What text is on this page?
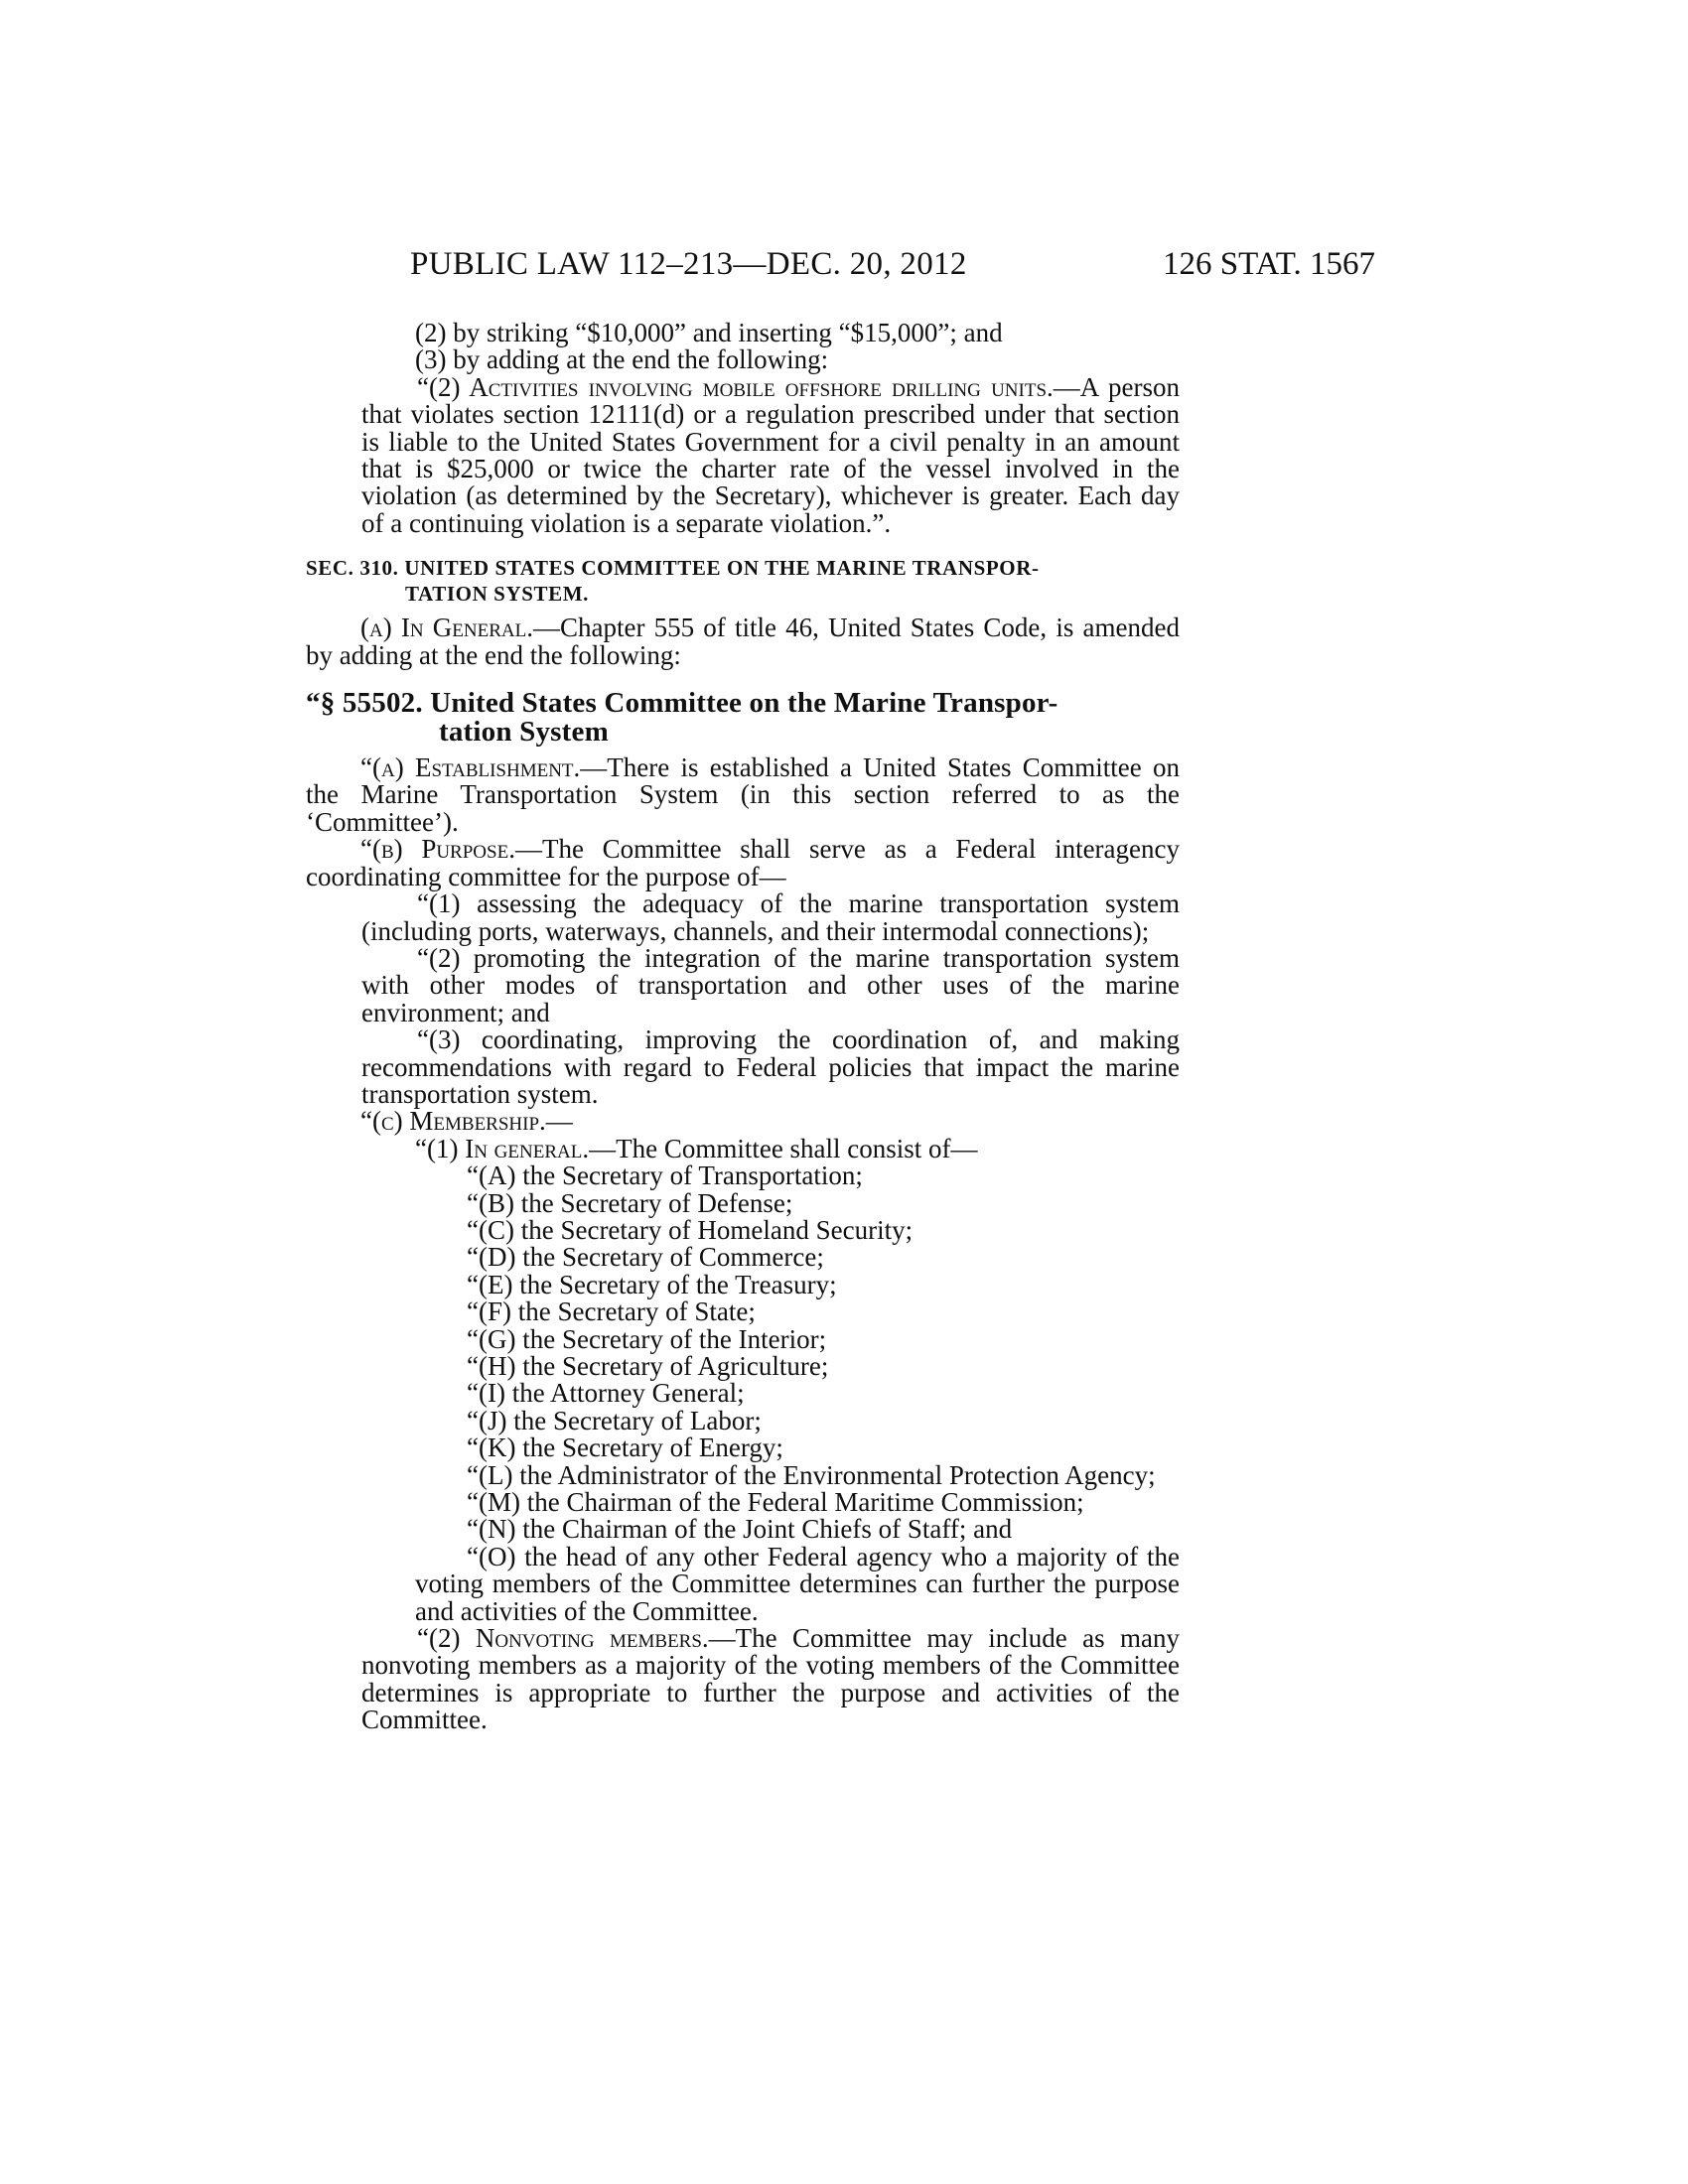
PUBLIC LAW 112–213—DEC. 20, 2012	126 STAT. 1567

(2) by striking “$10,000” and inserting “$15,000”; and

(3) by adding at the end the following:

“(2) Activities involving mobile offshore drilling units.—A person that violates section 12111(d) or a regulation prescribed under that section is liable to the United States Government for a civil penalty in an amount that is $25,000 or twice the charter rate of the vessel involved in the violation (as determined by the Secretary), whichever is greater. Each day of a continuing violation is a separate violation.”.

SEC. 310. UNITED STATES COMMITTEE ON THE MARINE TRANSPOR-
TATION SYSTEM.

(a) In General.—Chapter 555 of title 46, United States Code, is amended by adding at the end the following:

“§ 55502. United States Committee on the Marine Transpor-
tation System

“(a) Establishment.—There is established a United States Committee on the Marine Transportation System (in this section referred to as the ‘Committee’).

“(b) Purpose.—The Committee shall serve as a Federal interagency coordinating committee for the purpose of—

“(1) assessing the adequacy of the marine transportation system (including ports, waterways, channels, and their intermodal connections);

“(2) promoting the integration of the marine transportation system with other modes of transportation and other uses of the marine environment; and

“(3) coordinating, improving the coordination of, and making recommendations with regard to Federal policies that impact the marine transportation system.

“(c) Membership.—

“(1) In general.—The Committee shall consist of—

“(A) the Secretary of Transportation;

“(B) the Secretary of Defense;

“(C) the Secretary of Homeland Security;

“(D) the Secretary of Commerce;

“(E) the Secretary of the Treasury;

“(F) the Secretary of State;

“(G) the Secretary of the Interior;

“(H) the Secretary of Agriculture;

“(I) the Attorney General;

“(J) the Secretary of Labor;

“(K) the Secretary of Energy;

“(L) the Administrator of the Environmental Protection Agency;

“(M) the Chairman of the Federal Maritime Commission;

“(N) the Chairman of the Joint Chiefs of Staff; and

“(O) the head of any other Federal agency who a majority of the voting members of the Committee determines can further the purpose and activities of the Committee.

“(2) Nonvoting members.—The Committee may include as many nonvoting members as a majority of the voting members of the Committee determines is appropriate to further the purpose and activities of the Committee.
